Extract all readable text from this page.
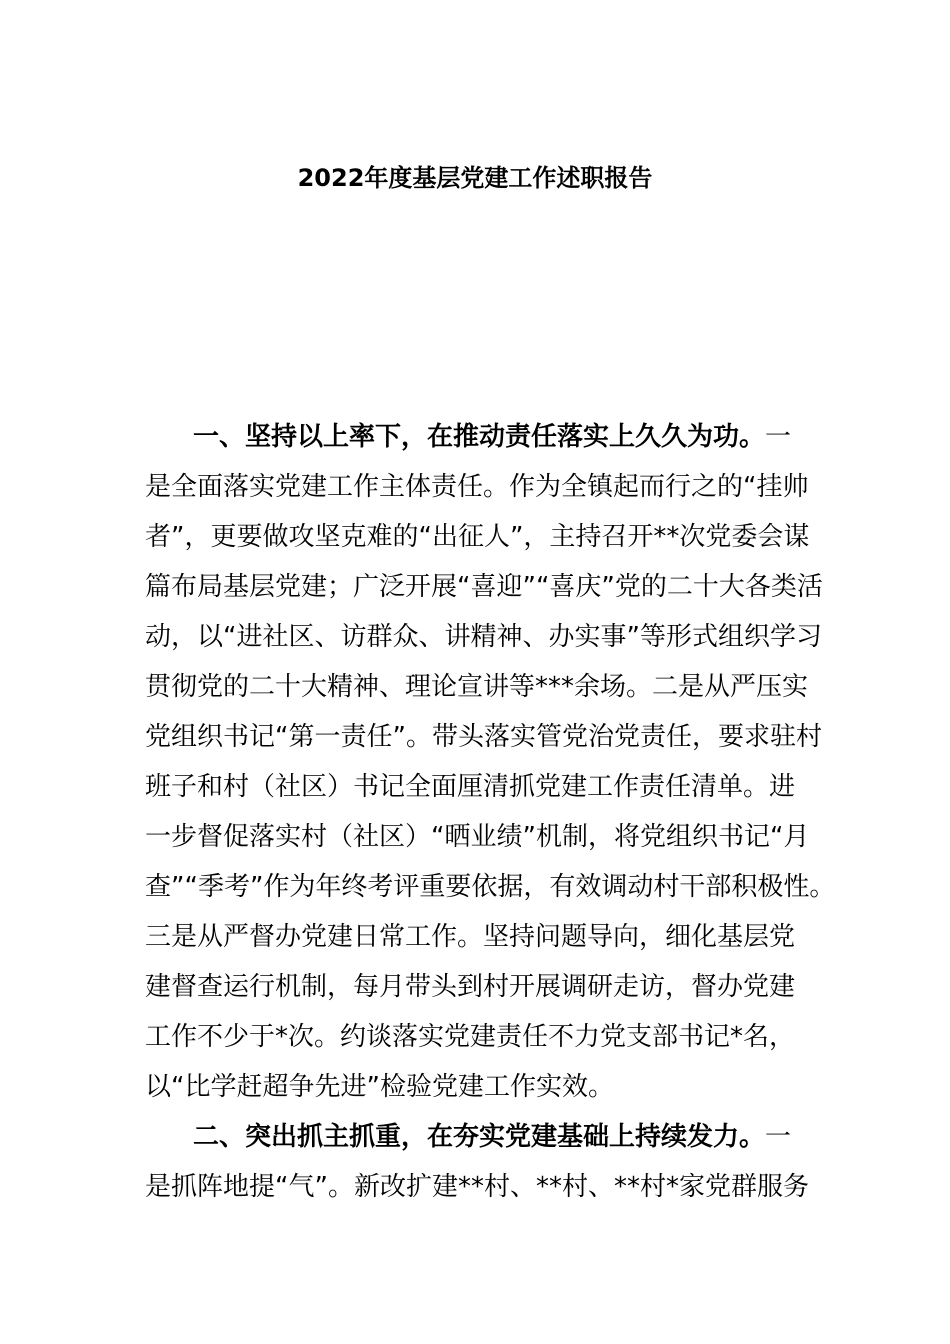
2022年度基层党建工作述职报告

一、坚持以上率下，在推动责任落实上久久为功。一

是全面落实党建工作主体责任。作为全镇起而行之的“挂帅

者”，更要做攻坚克难的“出征人”，主持召开**次党委会谋

篇布局基层党建；广泛开展“喜迎”“喜庆”党的二十大各类活

动，以“进社区、访群众、讲精神、办实事”等形式组织学习

贯彻党的二十大精神、理论宣讲等***余场。二是从严压实

党组织书记“第一责任”。带头落实管党治党责任，要求驻村

班子和村（社区）书记全面厘清抓党建工作责任清单。进

一步督促落实村（社区）“晒业绩”机制，将党组织书记“月

查”“季考”作为年终考评重要依据，有效调动村干部积极性。

三是从严督办党建日常工作。坚持问题导向，细化基层党

建督查运行机制，每月带头到村开展调研走访，督办党建

工作不少于*次。约谈落实党建责任不力党支部书记*名，

以“比学赶超争先进”检验党建工作实效。

二、突出抓主抓重，在夯实党建基础上持续发力。一

是抓阵地提“气”。新改扩建**村、**村、**村*家党群服务
